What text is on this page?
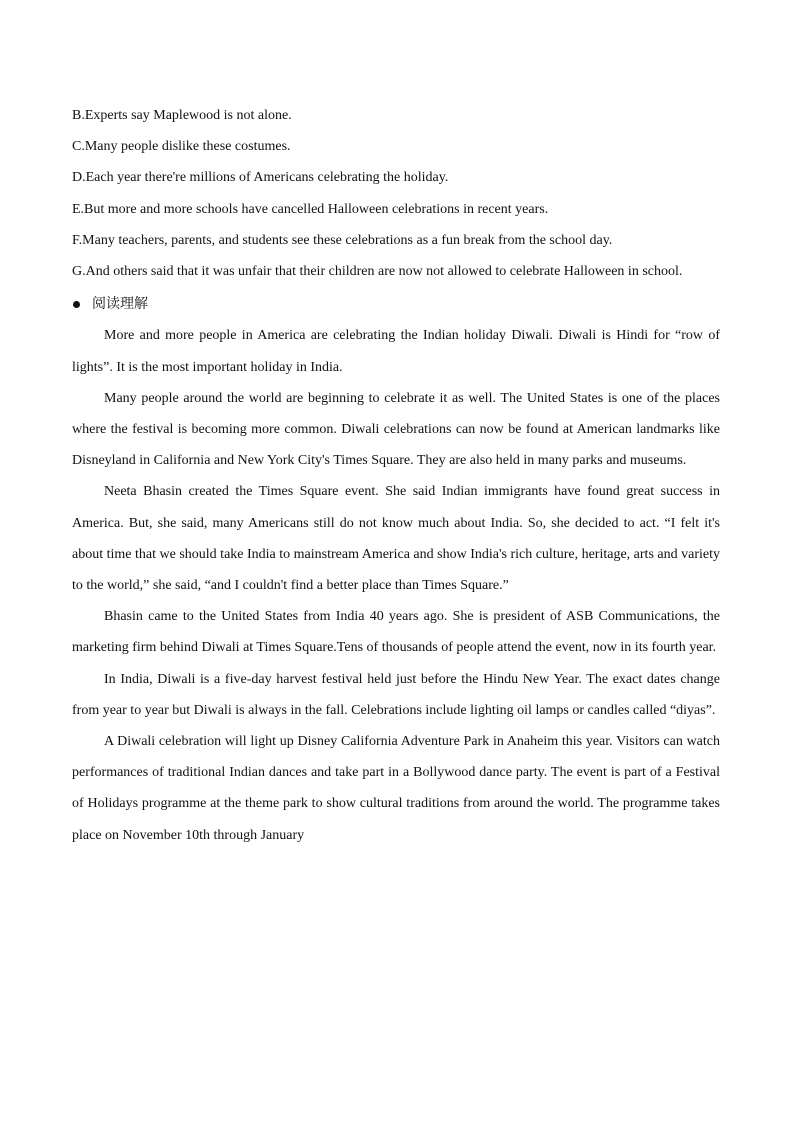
B.Experts say Maplewood is not alone.

C.Many people dislike these costumes.

D.Each year there're millions of Americans celebrating the holiday.

E.But more and more schools have cancelled Halloween celebrations in recent years.

F.Many teachers, parents, and students see these celebrations as a fun break from the school day.

G.And others said that it was unfair that their children are now not allowed to celebrate Halloween in school.

阅读理解

More and more people in America are celebrating the Indian holiday Diwali. Diwali is Hindi for “row of lights”. It is the most important holiday in India.

Many people around the world are beginning to celebrate it as well. The United States is one of the places where the festival is becoming more common. Diwali celebrations can now be found at American landmarks like Disneyland in California and New York City's Times Square. They are also held in many parks and museums.

Neeta Bhasin created the Times Square event. She said Indian immigrants have found great success in America. But, she said, many Americans still do not know much about India. So, she decided to act. “I felt it's about time that we should take India to mainstream America and show India's rich culture, heritage, arts and variety to the world,” she said, “and I couldn't find a better place than Times Square.”

Bhasin came to the United States from India 40 years ago. She is president of ASB Communications, the marketing firm behind Diwali at Times Square.Tens of thousands of people attend the event, now in its fourth year.

In India, Diwali is a five-day harvest festival held just before the Hindu New Year. The exact dates change from year to year but Diwali is always in the fall. Celebrations include lighting oil lamps or candles called “diyas”.

A Diwali celebration will light up Disney California Adventure Park in Anaheim this year. Visitors can watch performances of traditional Indian dances and take part in a Bollywood dance party. The event is part of a Festival of Holidays programme at the theme park to show cultural traditions from around the world. The programme takes place on November 10th through January
